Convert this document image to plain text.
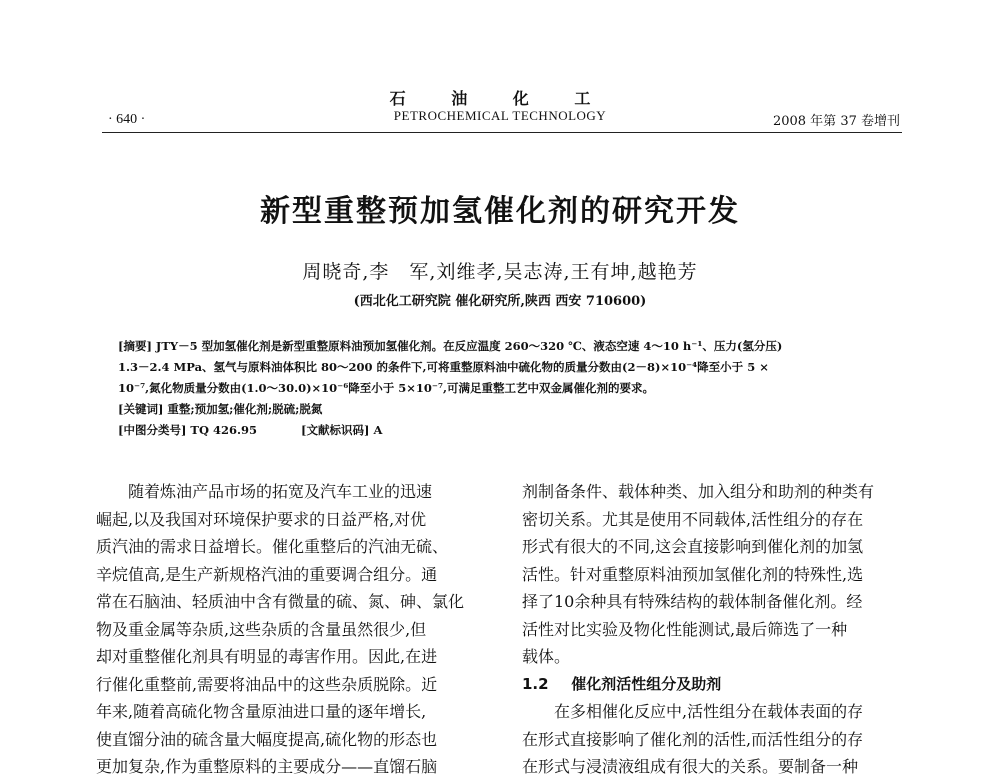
石 油 化 工
· 640 ·	PETROCHEMICAL TECHNOLOGY	2008 年第 37 卷增刊
新型重整预加氢催化剂的研究开发
周晓奇,李　军,刘维孝,吴志涛,王有坤,越艳芳
(西北化工研究院 催化研究所,陕西 西安 710600)
[摘要] JTY－5 型加氢催化剂是新型重整原料油预加氢催化剂。在反应温度 260～320 ℃、液态空速 4～10 h⁻¹、压力(氢分压)
1.3－2.4 MPa、氢气与原料油体积比 80～200 的条件下,可将重整原料油中硫化物的质量分数由(2－8)×10⁻⁴降至小于 5 ×
10⁻⁷,氮化物质量分数由(1.0～30.0)×10⁻⁶降至小于 5×10⁻⁷,可满足重整工艺中双金属催化剂的要求。
[关键词] 重整;预加氢;催化剂;脱硫;脱氮
[中图分类号] TQ 426.95	[文献标识码] A
随着炼油产品市场的拓宽及汽车工业的迅速
崛起,以及我国对环境保护要求的日益严格,对优
质汽油的需求日益增长。催化重整后的汽油无硫、
辛烷值高,是生产新规格汽油的重要调合组分。通
常在石脑油、轻质油中含有微量的硫、氮、砷、氯化
物及重金属等杂质,这些杂质的含量虽然很少,但
却对重整催化剂具有明显的毒害作用。因此,在进
行催化重整前,需要将油品中的这些杂质脱除。近
年来,随着高硫化物含量原油进口量的逐年增长,
使直馏分油的硫含量大幅度提高,硫化物的形态也
更加复杂,作为重整原料的主要成分——直馏石脑
剂制备条件、载体种类、加入组分和助剂的种类有
密切关系。尤其是使用不同载体,活性组分的存在
形式有很大的不同,这会直接影响到催化剂的加氢
活性。针对重整原料油预加氢催化剂的特殊性,选
择了10余种具有特殊结构的载体制备催化剂。经
活性对比实验及物化性能测试,最后筛选了一种
载体。
1.2 催化剂活性组分及助剂
在多相催化反应中,活性组分在载体表面的存
在形式直接影响了催化剂的活性,而活性组分的存
在形式与浸渍液组成有很大的关系。要制备一种
